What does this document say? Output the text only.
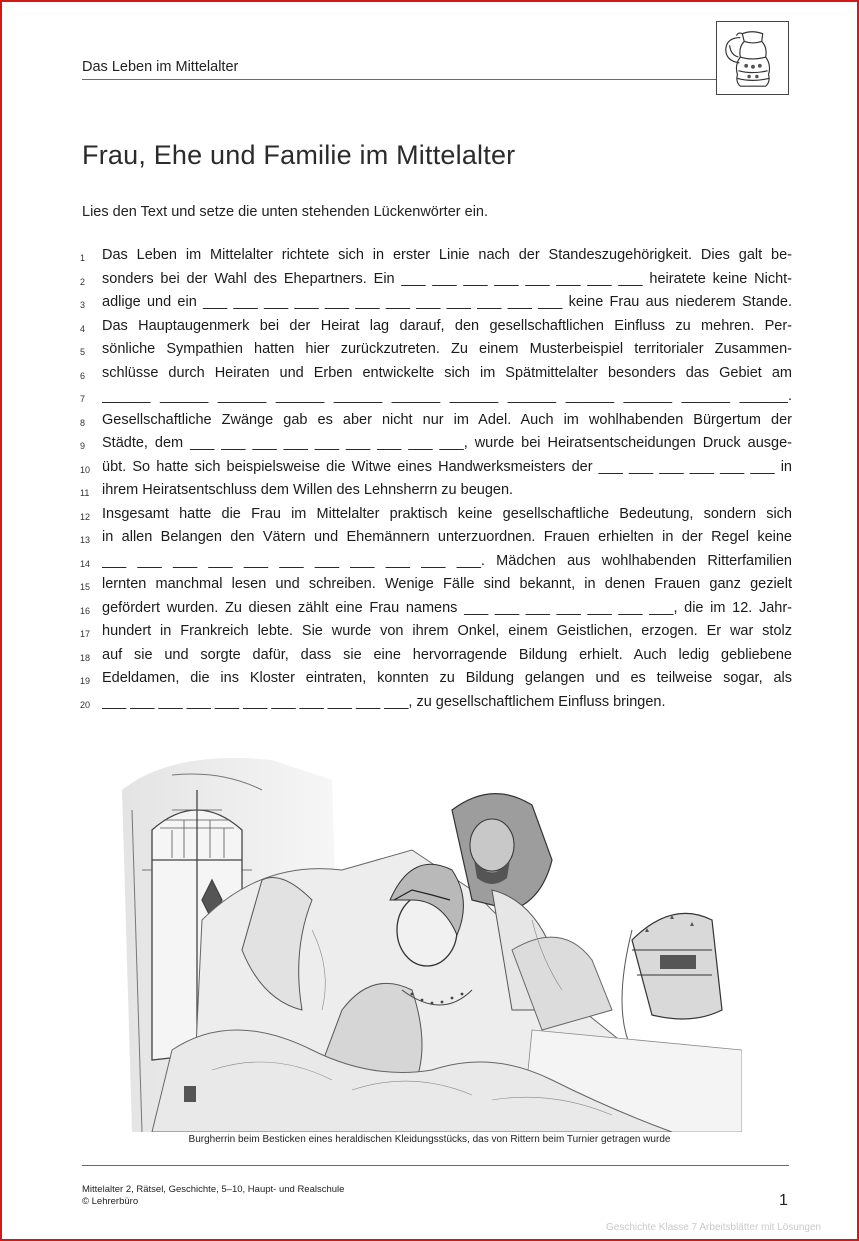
Das Leben im Mittelalter
Frau, Ehe und Familie im Mittelalter
Lies den Text und setze die unten stehenden Lückenwörter ein.
1	Das Leben im Mittelalter richtete sich in erster Linie nach der Standeszugehörigkeit. Dies galt be-
2	sonders bei der Wahl des Ehepartners. Ein ___ ___ ___ ___ ___ ___ ___ ___ heiratete keine Nicht-
3	adlige und ein ___ ___ ___ ___ ___ ___ ___ ___ ___ ___ ___ ___ keine Frau aus niederem Stande.
4	Das Hauptaugenmerk bei der Heirat lag darauf, den gesellschaftlichen Einfluss zu mehren. Per-
5	sönliche Sympathien hatten hier zurückzutreten. Zu einem Musterbeispiel territorialer Zusammen-
6	schlüsse durch Heiraten und Erben entwickelte sich im Spätmittelalter besonders das Gebiet am
7	______ ______ ______ ______ ______ ______ ______ ______ ______ ______ ______ ______.
8	Gesellschaftliche Zwänge gab es aber nicht nur im Adel. Auch im wohlhabenden Bürgertum der
9	Städte, dem ___ ___ ___ ___ ___ ___ ___ ___ ___, wurde bei Heiratsentscheidungen Druck ausge-
10 übt. So hatte sich beispielsweise die Witwe eines Handwerksmeisters der ___ ___ ___ ___ ___ ___ in
11 ihrem Heiratsentschluss dem Willen des Lehnsherrn zu beugen.
12 Insgesamt hatte die Frau im Mittelalter praktisch keine gesellschaftliche Bedeutung, sondern sich
13 in allen Belangen den Vätern und Ehemännern unterzuordnen. Frauen erhielten in der Regel keine
14 ___ ___ ___ ___ ___ ___ ___ ___ ___ ___ ___. Mädchen aus wohlhabenden Ritterfamilien
15 lernten manchmal lesen und schreiben. Wenige Fälle sind bekannt, in denen Frauen ganz gezielt
16 gefördert wurden. Zu diesen zählt eine Frau namens ___ ___ ___ ___ ___ ___ ___, die im 12. Jahr-
17 hundert in Frankreich lebte. Sie wurde von ihrem Onkel, einem Geistlichen, erzogen. Er war stolz
18 auf sie und sorgte dafür, dass sie eine hervorragende Bildung erhielt. Auch ledig gebliebene
19 Edeldamen, die ins Kloster eintraten, konnten zu Bildung gelangen und es teilweise sogar, als
20 ___ ___ ___ ___ ___ ___ ___ ___ ___ ___ ___, zu gesellschaftlichem Einfluss bringen.
Burgherrin beim Besticken eines heraldischen Kleidungsstücks, das von Rittern beim Turnier getragen wurde
Mittelalter 2, Rätsel, Geschichte, 5–10, Haupt- und Realschule
© Lehrerbüro	1
Geschichte Klasse 7 Arbeitsblätter mit Lösungen
